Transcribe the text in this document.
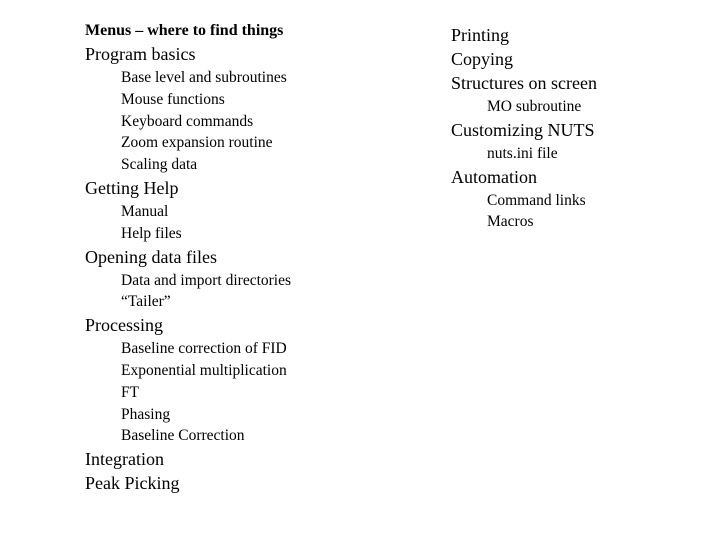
Menus – where to find things
Program basics
Base level and subroutines
Mouse functions
Keyboard commands
Zoom expansion routine
Scaling data
Getting Help
Manual
Help files
Opening data files
Data and import directories
“Tailer”
Processing
Baseline correction of FID
Exponential multiplication
FT
Phasing
Baseline Correction
Integration
Peak Picking
Printing
Copying
Structures on screen
MO subroutine
Customizing NUTS
nuts.ini file
Automation
Command links
Macros
